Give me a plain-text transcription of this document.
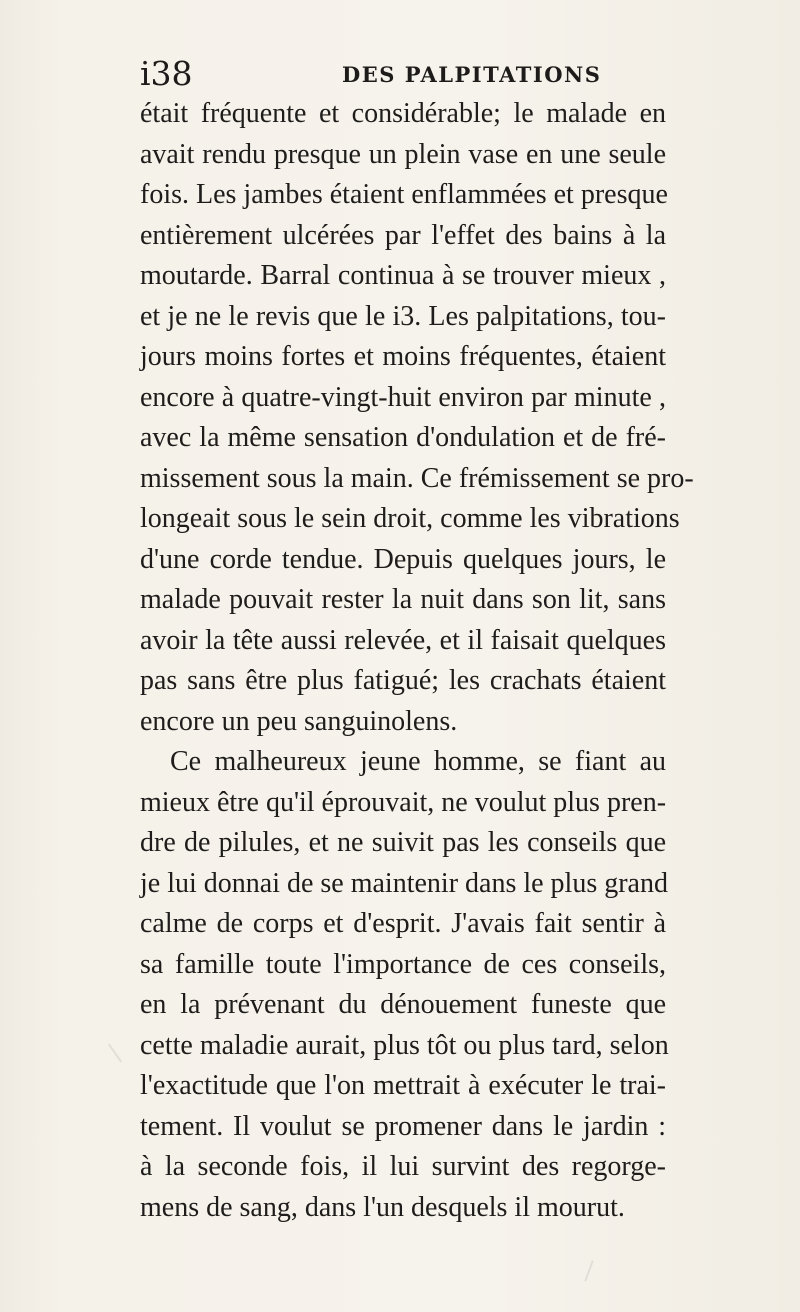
i38	DES PALPITATIONS
était fréquente et considérable; le malade en
avait rendu presque un plein vase en une seule
fois. Les jambes étaient enflammées et presque
entièrement ulcérées par l'effet des bains à la
moutarde. Barral continua à se trouver mieux ,
et je ne le revis que le i3. Les palpitations, tou-
jours moins fortes et moins fréquentes, étaient
encore à quatre-vingt-huit environ par minute ,
avec la même sensation d'ondulation et de fré-
missement sous la main. Ce frémissement se pro-
longeait sous le sein droit, comme les vibrations
d'une corde tendue. Depuis quelques jours, le
malade pouvait rester la nuit dans son lit, sans
avoir la tête aussi relevée, et il faisait quelques
pas sans être plus fatigué; les crachats étaient
encore un peu sanguinolens.
Ce malheureux jeune homme, se fiant au
mieux être qu'il éprouvait, ne voulut plus pren-
dre de pilules, et ne suivit pas les conseils que
je lui donnai de se maintenir dans le plus grand
calme de corps et d'esprit. J'avais fait sentir à
sa famille toute l'importance de ces conseils,
en la prévenant du dénouement funeste que
cette maladie aurait, plus tôt ou plus tard, selon
l'exactitude que l'on mettrait à exécuter le trai-
tement. Il voulut se promener dans le jardin :
à la seconde fois, il lui survint des regorge-
mens de sang, dans l'un desquels il mourut.
